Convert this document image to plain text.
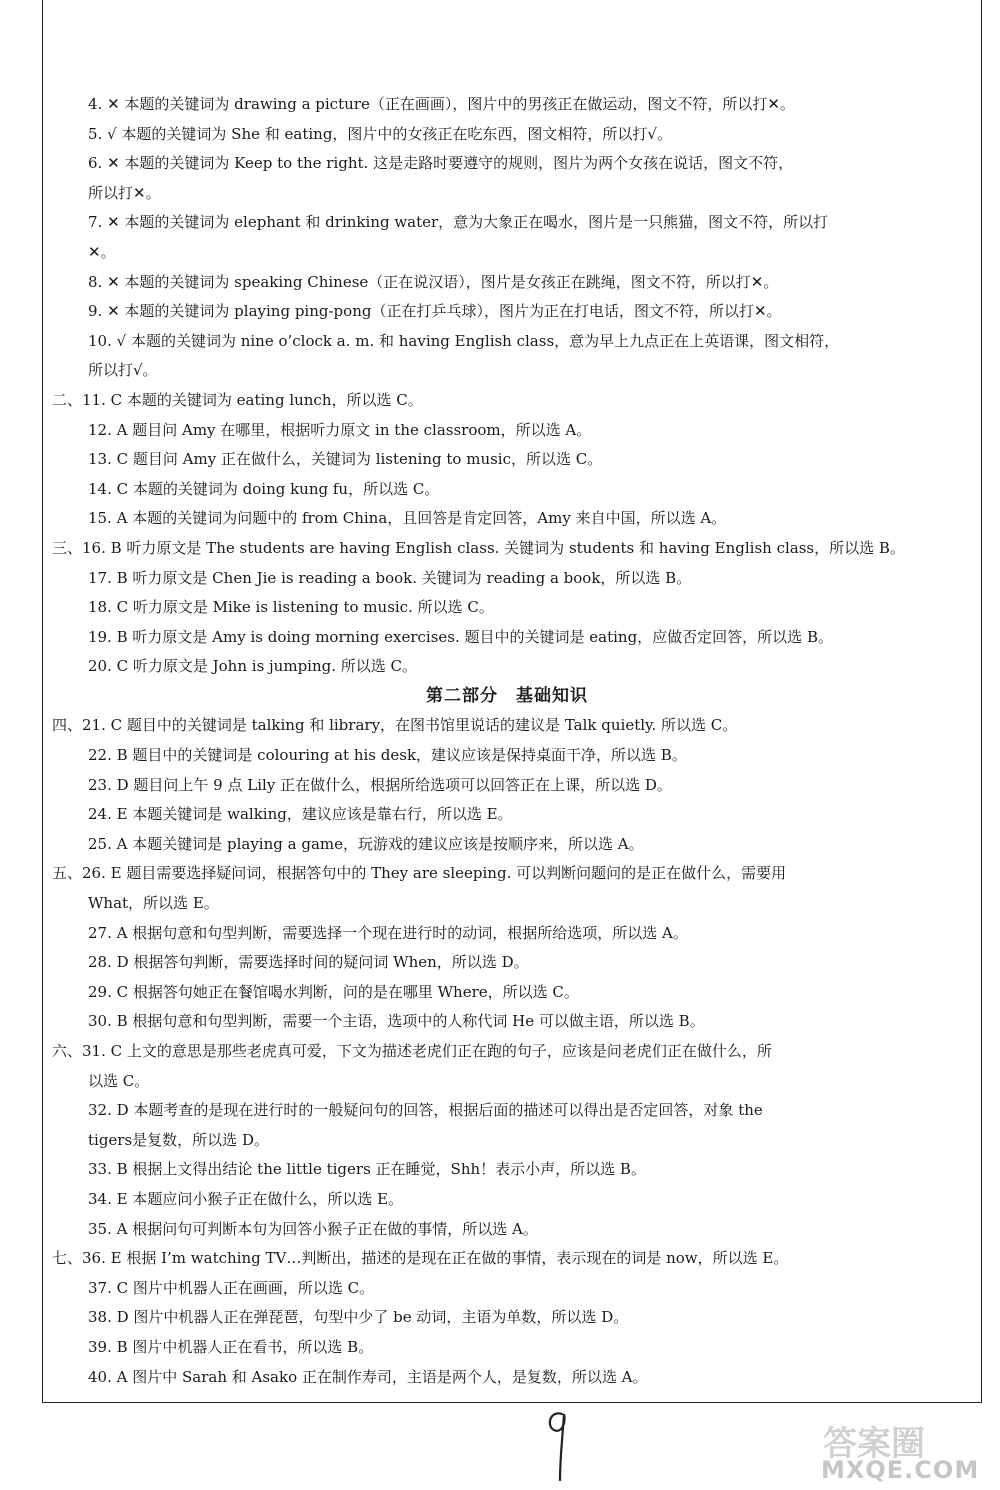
4. ✕ 本题的关键词为 drawing a picture（正在画画），图片中的男孩正在做运动，图文不符，所以打✕。
5. √ 本题的关键词为 She 和 eating，图片中的女孩正在吃东西，图文相符，所以打√。
6. ✕ 本题的关键词为 Keep to the right. 这是走路时要遵守的规则，图片为两个女孩在说话，图文不符，
所以打✕。
7. ✕ 本题的关键词为 elephant 和 drinking water，意为大象正在喝水，图片是一只熊猫，图文不符，所以打
✕。
8. ✕ 本题的关键词为 speaking Chinese（正在说汉语），图片是女孩正在跳绳，图文不符，所以打✕。
9. ✕ 本题的关键词为 playing ping-pong（正在打乒乓球），图片为正在打电话，图文不符，所以打✕。
10. √ 本题的关键词为 nine o’clock a. m. 和 having English class，意为早上九点正在上英语课，图文相符，
所以打√。
二、11. C 本题的关键词为 eating lunch，所以选 C。
12. A 题目问 Amy 在哪里，根据听力原文 in the classroom，所以选 A。
13. C 题目问 Amy 正在做什么，关键词为 listening to music，所以选 C。
14. C 本题的关键词为 doing kung fu，所以选 C。
15. A 本题的关键词为问题中的 from China，且回答是肯定回答，Amy 来自中国，所以选 A。
三、16. B 听力原文是 The students are having English class. 关键词为 students 和 having English class，所以选 B。
17. B 听力原文是 Chen Jie is reading a book. 关键词为 reading a book，所以选 B。
18. C 听力原文是 Mike is listening to music. 所以选 C。
19. B 听力原文是 Amy is doing morning exercises. 题目中的关键词是 eating，应做否定回答，所以选 B。
20. C 听力原文是 John is jumping. 所以选 C。
第二部分　基础知识
四、21. C 题目中的关键词是 talking 和 library，在图书馆里说话的建议是 Talk quietly. 所以选 C。
22. B 题目中的关键词是 colouring at his desk，建议应该是保持桌面干净，所以选 B。
23. D 题目问上午 9 点 Lily 正在做什么，根据所给选项可以回答正在上课，所以选 D。
24. E 本题关键词是 walking，建议应该是靠右行，所以选 E。
25. A 本题关键词是 playing a game，玩游戏的建议应该是按顺序来，所以选 A。
五、26. E 题目需要选择疑问词，根据答句中的 They are sleeping. 可以判断问题问的是正在做什么，需要用
What，所以选 E。
27. A 根据句意和句型判断，需要选择一个现在进行时的动词，根据所给选项，所以选 A。
28. D 根据答句判断，需要选择时间的疑问词 When，所以选 D。
29. C 根据答句她正在餐馆喝水判断，问的是在哪里 Where，所以选 C。
30. B 根据句意和句型判断，需要一个主语，选项中的人称代词 He 可以做主语，所以选 B。
六、31. C 上文的意思是那些老虎真可爱，下文为描述老虎们正在跑的句子，应该是问老虎们正在做什么，所
以选 C。
32. D 本题考查的是现在进行时的一般疑问句的回答，根据后面的描述可以得出是否定回答，对象 the
tigers是复数，所以选 D。
33. B 根据上文得出结论 the little tigers 正在睡觉，Shh！表示小声，所以选 B。
34. E 本题应问小猴子正在做什么，所以选 E。
35. A 根据问句可判断本句为回答小猴子正在做的事情，所以选 A。
七、36. E 根据 I’m watching TV…判断出，描述的是现在正在做的事情，表示现在的词是 now，所以选 E。
37. C 图片中机器人正在画画，所以选 C。
38. D 图片中机器人正在弹琵琶，句型中少了 be 动词，主语为单数，所以选 D。
39. B 图片中机器人正在看书，所以选 B。
40. A 图片中 Sarah 和 Asako 正在制作寿司，主语是两个人，是复数，所以选 A。
答案圈
MXQE.COM
